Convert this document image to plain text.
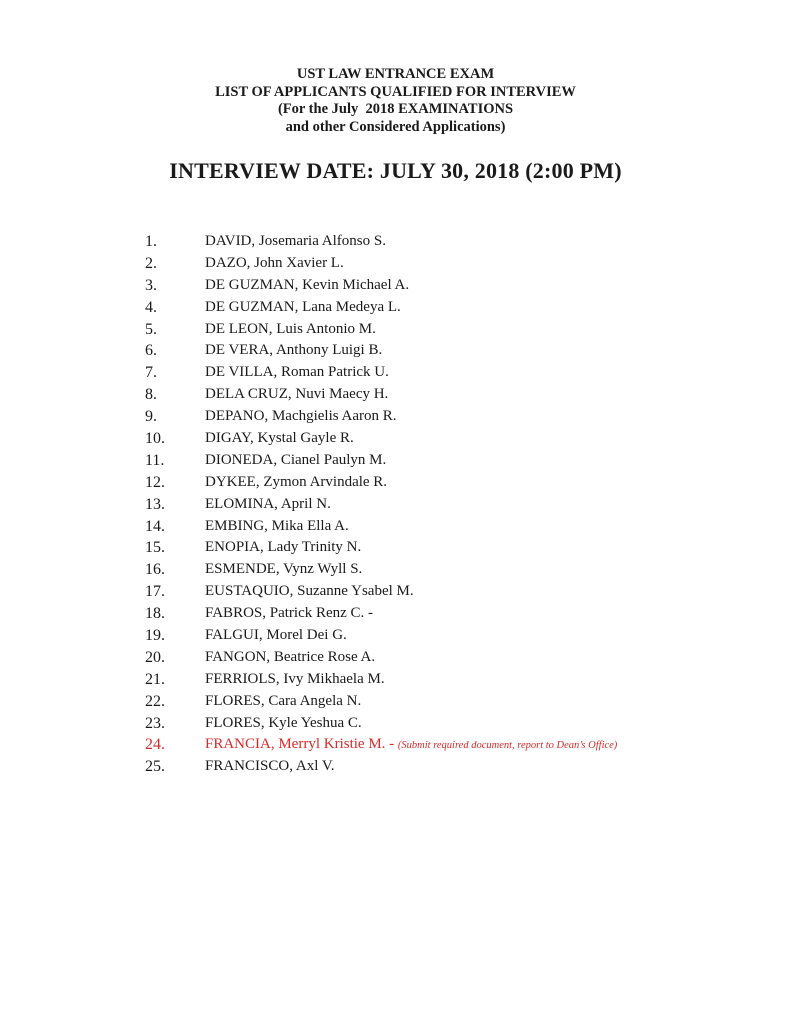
UST LAW ENTRANCE EXAM
LIST OF APPLICANTS QUALIFIED FOR INTERVIEW
(For the July  2018 EXAMINATIONS
and other Considered Applications)
INTERVIEW DATE: JULY 30, 2018 (2:00 PM)
1.	DAVID, Josemaria Alfonso S.
2.	DAZO, John Xavier L.
3.	DE GUZMAN, Kevin Michael A.
4.	DE GUZMAN, Lana Medeya L.
5.	DE LEON, Luis Antonio M.
6.	DE VERA, Anthony Luigi B.
7.	DE VILLA, Roman Patrick U.
8.	DELA CRUZ, Nuvi Maecy H.
9.	DEPANO, Machgielis Aaron R.
10.	DIGAY, Kystal Gayle R.
11.	DIONEDA, Cianel Paulyn M.
12.	DYKEE, Zymon Arvindale R.
13.	ELOMINA, April N.
14.	EMBING, Mika Ella A.
15.	ENOPIA, Lady Trinity N.
16.	ESMENDE, Vynz Wyll S.
17.	EUSTAQUIO, Suzanne Ysabel M.
18.	FABROS, Patrick Renz C. -
19.	FALGUI, Morel Dei G.
20.	FANGON, Beatrice Rose A.
21.	FERRIOLS, Ivy Mikhaela M.
22.	FLORES, Cara Angela N.
23.	FLORES, Kyle Yeshua C.
24.	FRANCIA, Merryl Kristie M. - (Submit required document, report to Dean’s Office)
25.	FRANCISCO, Axl V.
